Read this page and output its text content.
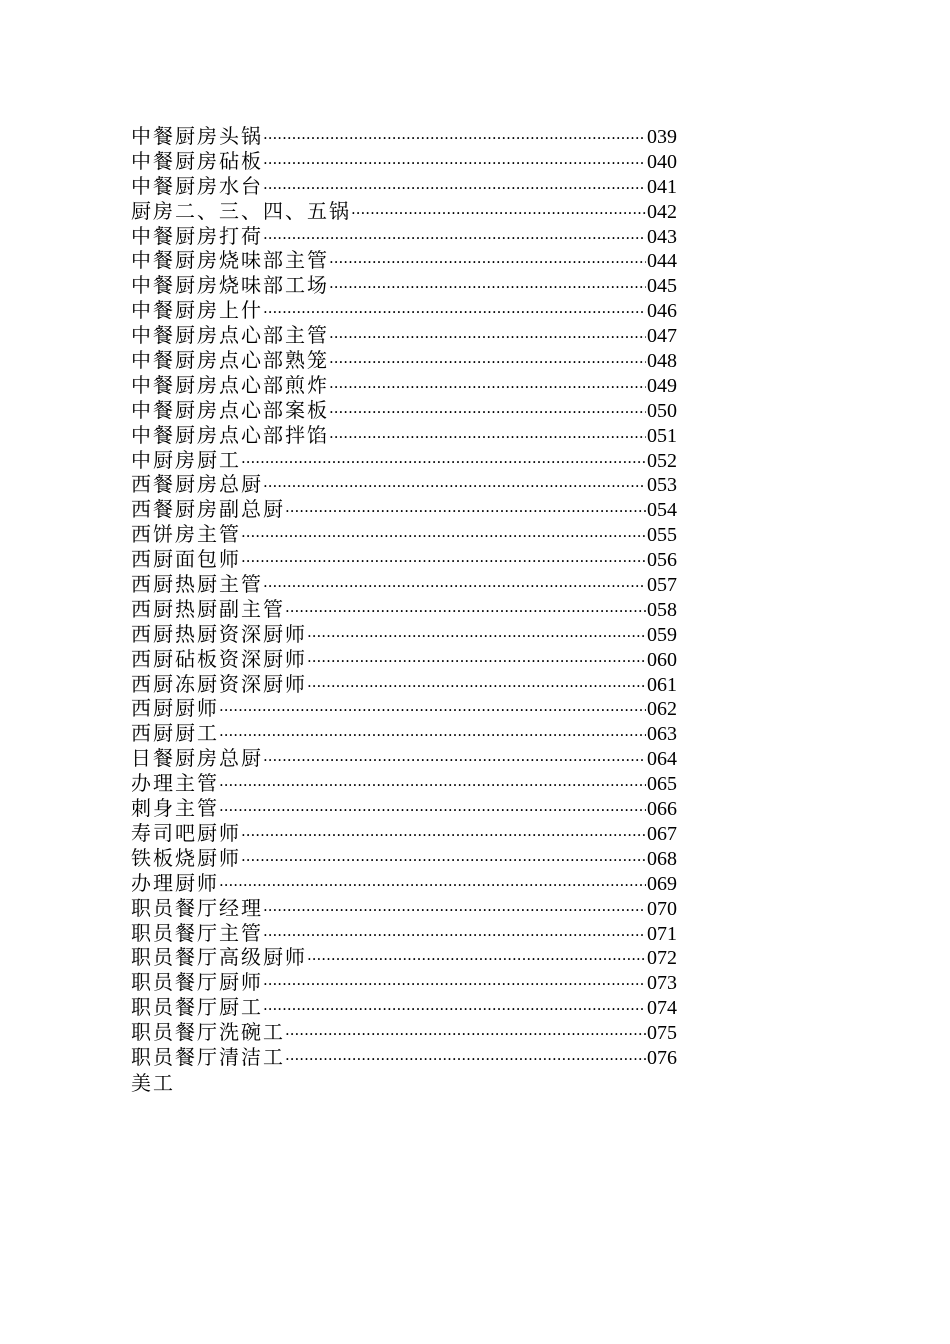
中餐厨房头锅 ·····	039
中餐厨房砧板 ·····	040
中餐厨房水台 ·····	041
厨房二、三、四、五锅 ·····	042
中餐厨房打荷 ·····	043
中餐厨房烧味部主管 ·····	044
中餐厨房烧味部工场 ·····	045
中餐厨房上什 ·····	046
中餐厨房点心部主管 ·····	047
中餐厨房点心部熟笼 ·····	048
中餐厨房点心部煎炸 ·····	049
中餐厨房点心部案板 ·····	050
中餐厨房点心部拌馅 ·····	051
中厨房厨工 ·····	052
西餐厨房总厨 ·····	053
西餐厨房副总厨 ·····	054
西饼房主管 ·····	055
西厨面包师 ·····	056
西厨热厨主管 ·····	057
西厨热厨副主管 ·····	058
西厨热厨资深厨师 ·····	059
西厨砧板资深厨师 ·····	060
西厨冻厨资深厨师 ·····	061
西厨厨师 ·····	062
西厨厨工 ·····	063
日餐厨房总厨 ·····	064
办理主管 ·····	065
刺身主管 ·····	066
寿司吧厨师 ·····	067
铁板烧厨师 ·····	068
办理厨师 ·····	069
职员餐厅经理 ·····	070
职员餐厅主管 ·····	071
职员餐厅高级厨师 ·····	072
职员餐厅厨师 ·····	073
职员餐厅厨工 ·····	074
职员餐厅洗碗工 ·····	075
职员餐厅清洁工 ·····	076
美工
